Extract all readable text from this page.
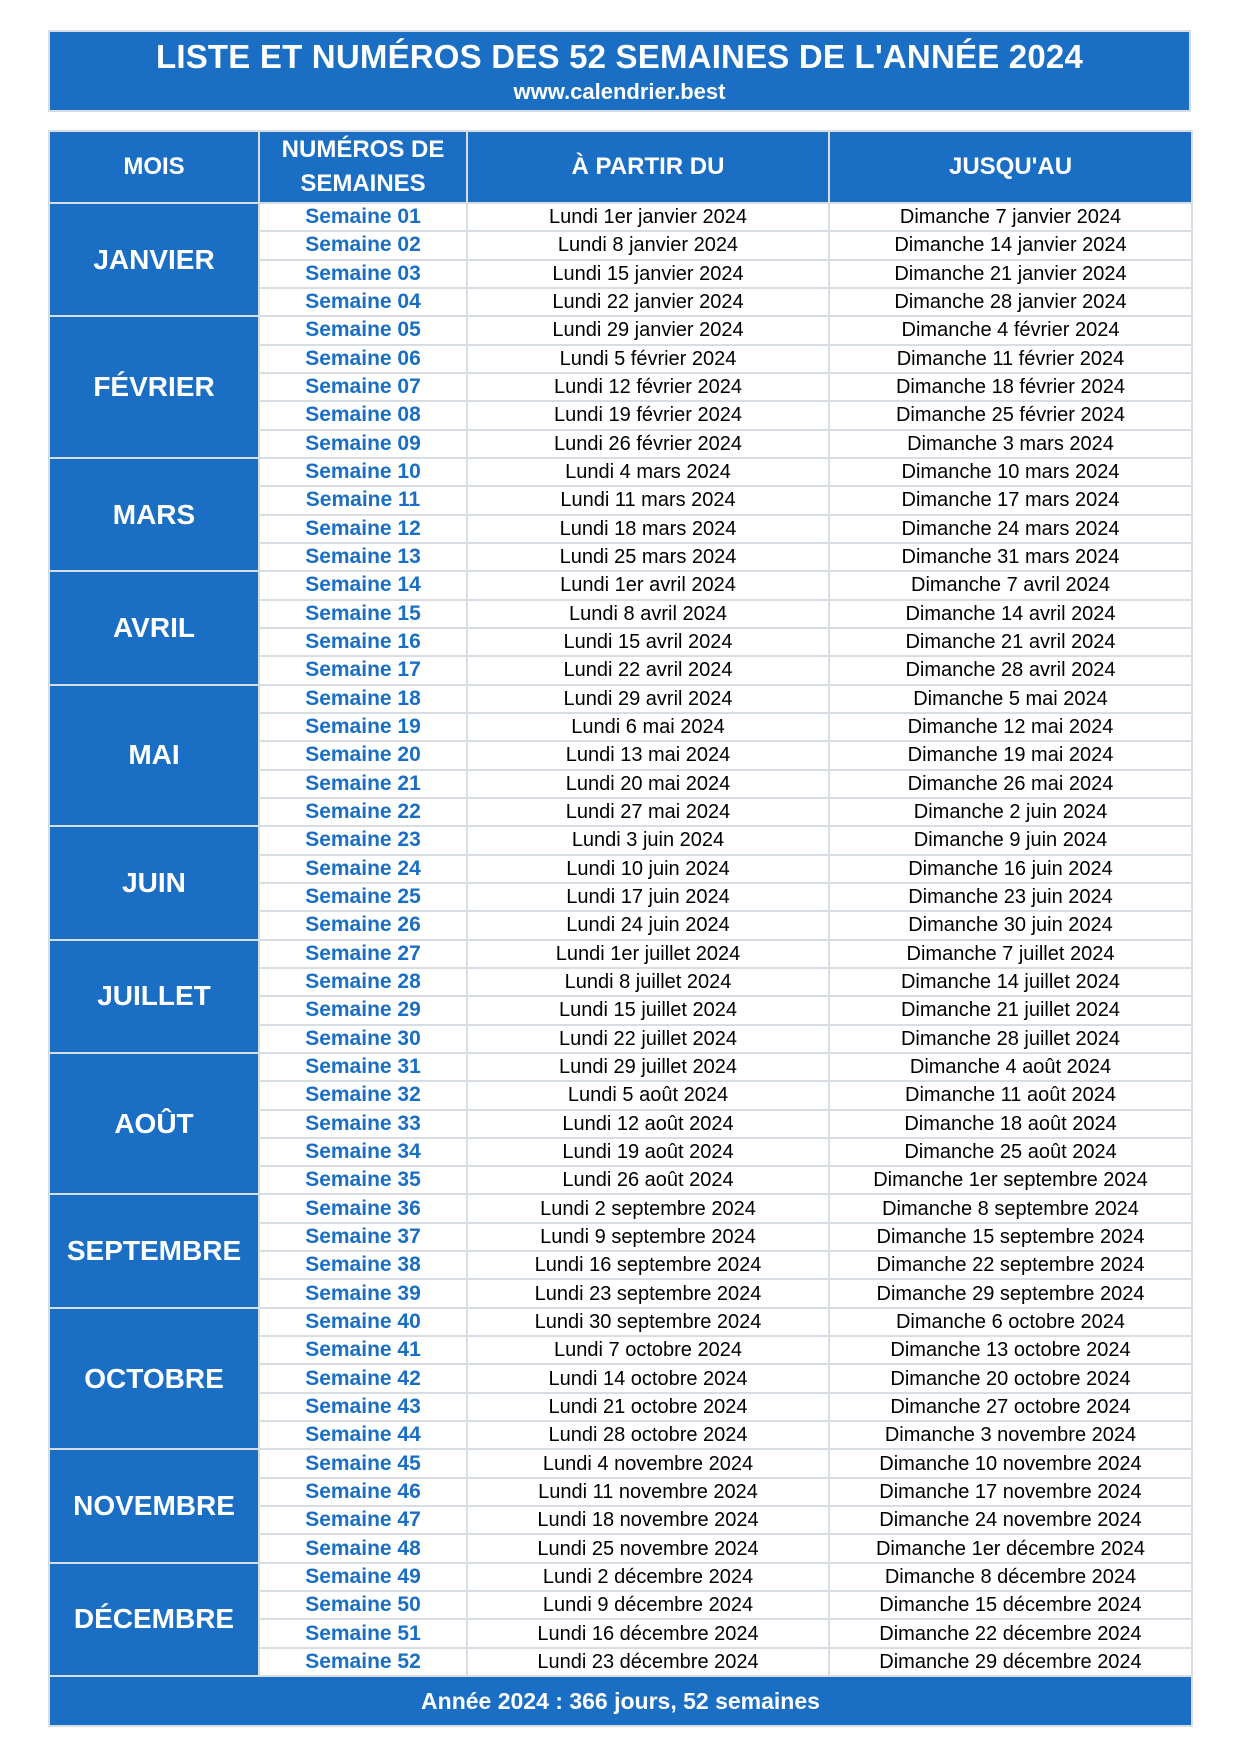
LISTE ET NUMÉROS DES 52 SEMAINES DE L'ANNÉE 2024
www.calendrier.best
MOIS	NUMÉROS DE SEMAINES	À PARTIR DU	JUSQU'AU
JANVIER	Semaine 01	Lundi 1er janvier 2024	Dimanche 7 janvier 2024
	Semaine 02	Lundi 8 janvier 2024	Dimanche 14 janvier 2024
	Semaine 03	Lundi 15 janvier 2024	Dimanche 21 janvier 2024
	Semaine 04	Lundi 22 janvier 2024	Dimanche 28 janvier 2024
FÉVRIER	Semaine 05	Lundi 29 janvier 2024	Dimanche 4 février 2024
	Semaine 06	Lundi 5 février 2024	Dimanche 11 février 2024
	Semaine 07	Lundi 12 février 2024	Dimanche 18 février 2024
	Semaine 08	Lundi 19 février 2024	Dimanche 25 février 2024
	Semaine 09	Lundi 26 février 2024	Dimanche 3 mars 2024
MARS	Semaine 10	Lundi 4 mars 2024	Dimanche 10 mars 2024
	Semaine 11	Lundi 11 mars 2024	Dimanche 17 mars 2024
	Semaine 12	Lundi 18 mars 2024	Dimanche 24 mars 2024
	Semaine 13	Lundi 25 mars 2024	Dimanche 31 mars 2024
AVRIL	Semaine 14	Lundi 1er avril 2024	Dimanche 7 avril 2024
	Semaine 15	Lundi 8 avril 2024	Dimanche 14 avril 2024
	Semaine 16	Lundi 15 avril 2024	Dimanche 21 avril 2024
	Semaine 17	Lundi 22 avril 2024	Dimanche 28 avril 2024
MAI	Semaine 18	Lundi 29 avril 2024	Dimanche 5 mai 2024
	Semaine 19	Lundi 6 mai 2024	Dimanche 12 mai 2024
	Semaine 20	Lundi 13 mai 2024	Dimanche 19 mai 2024
	Semaine 21	Lundi 20 mai 2024	Dimanche 26 mai 2024
	Semaine 22	Lundi 27 mai 2024	Dimanche 2 juin 2024
JUIN	Semaine 23	Lundi 3 juin 2024	Dimanche 9 juin 2024
	Semaine 24	Lundi 10 juin 2024	Dimanche 16 juin 2024
	Semaine 25	Lundi 17 juin 2024	Dimanche 23 juin 2024
	Semaine 26	Lundi 24 juin 2024	Dimanche 30 juin 2024
JUILLET	Semaine 27	Lundi 1er juillet 2024	Dimanche 7 juillet 2024
	Semaine 28	Lundi 8 juillet 2024	Dimanche 14 juillet 2024
	Semaine 29	Lundi 15 juillet 2024	Dimanche 21 juillet 2024
	Semaine 30	Lundi 22 juillet 2024	Dimanche 28 juillet 2024
AOÛT	Semaine 31	Lundi 29 juillet 2024	Dimanche 4 août 2024
	Semaine 32	Lundi 5 août 2024	Dimanche 11 août 2024
	Semaine 33	Lundi 12 août 2024	Dimanche 18 août 2024
	Semaine 34	Lundi 19 août 2024	Dimanche 25 août 2024
	Semaine 35	Lundi 26 août 2024	Dimanche 1er septembre 2024
SEPTEMBRE	Semaine 36	Lundi 2 septembre 2024	Dimanche 8 septembre 2024
	Semaine 37	Lundi 9 septembre 2024	Dimanche 15 septembre 2024
	Semaine 38	Lundi 16 septembre 2024	Dimanche 22 septembre 2024
	Semaine 39	Lundi 23 septembre 2024	Dimanche 29 septembre 2024
OCTOBRE	Semaine 40	Lundi 30 septembre 2024	Dimanche 6 octobre 2024
	Semaine 41	Lundi 7 octobre 2024	Dimanche 13 octobre 2024
	Semaine 42	Lundi 14 octobre 2024	Dimanche 20 octobre 2024
	Semaine 43	Lundi 21 octobre 2024	Dimanche 27 octobre 2024
	Semaine 44	Lundi 28 octobre 2024	Dimanche 3 novembre 2024
NOVEMBRE	Semaine 45	Lundi 4 novembre 2024	Dimanche 10 novembre 2024
	Semaine 46	Lundi 11 novembre 2024	Dimanche 17 novembre 2024
	Semaine 47	Lundi 18 novembre 2024	Dimanche 24 novembre 2024
	Semaine 48	Lundi 25 novembre 2024	Dimanche 1er décembre 2024
DÉCEMBRE	Semaine 49	Lundi 2 décembre 2024	Dimanche 8 décembre 2024
	Semaine 50	Lundi 9 décembre 2024	Dimanche 15 décembre 2024
	Semaine 51	Lundi 16 décembre 2024	Dimanche 22 décembre 2024
	Semaine 52	Lundi 23 décembre 2024	Dimanche 29 décembre 2024
Année 2024 : 366 jours, 52 semaines			
